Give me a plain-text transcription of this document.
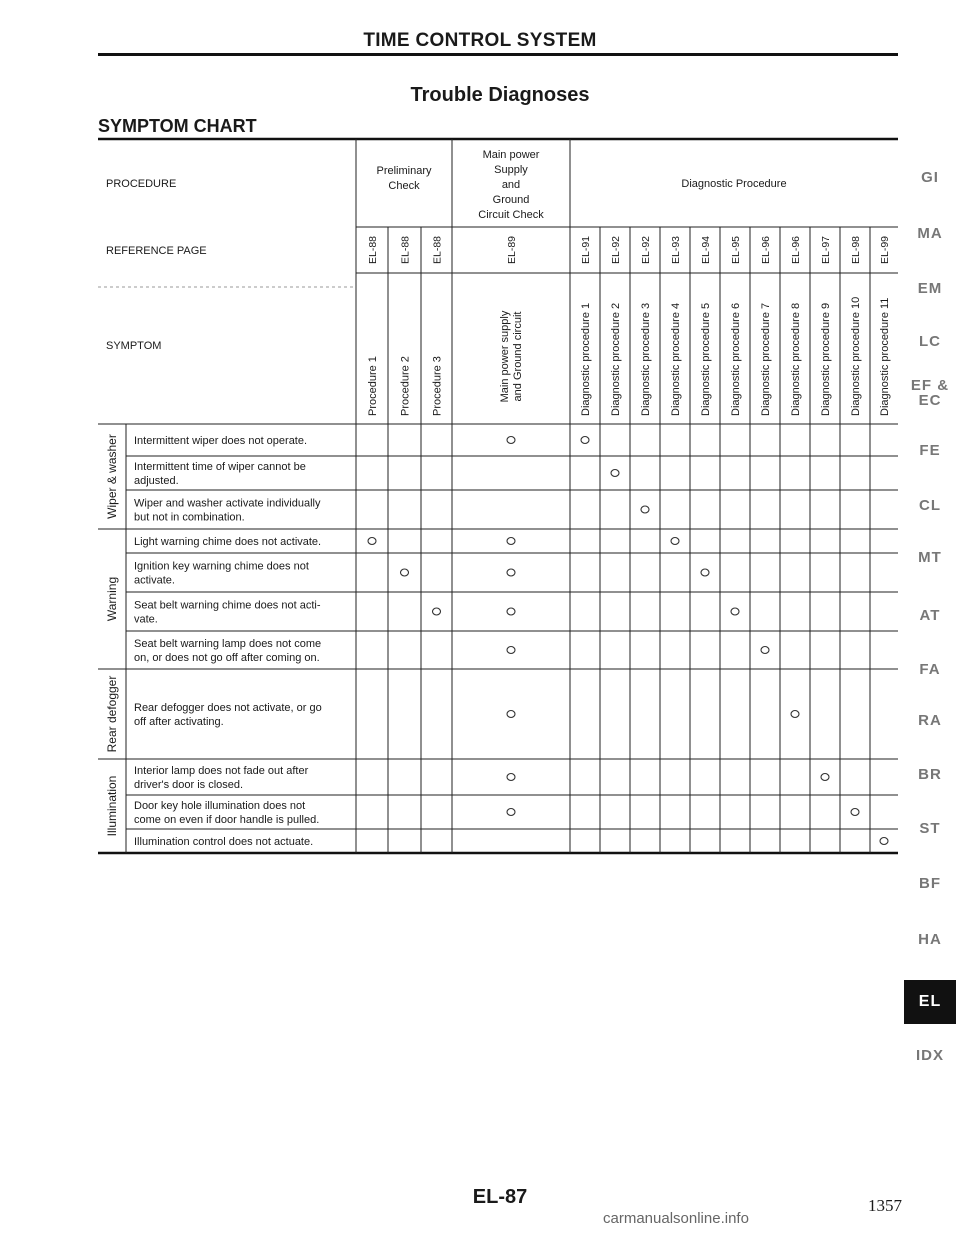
TIME CONTROL SYSTEM
Trouble Diagnoses
SYMPTOM CHART
PROCEDURE
REFERENCE PAGE
SYMPTOM
Preliminary
Check
Main power
Supply
and
Ground
Circuit Check
Diagnostic Procedure
EL-88
Procedure 1
EL-88
Procedure 2
EL-88
Procedure 3
EL-89
Main power supply and Ground circuit
EL-91
Diagnostic procedure 1
EL-92
Diagnostic procedure 2
EL-92
Diagnostic procedure 3
EL-93
Diagnostic procedure 4
EL-94
Diagnostic procedure 5
EL-95
Diagnostic procedure 6
EL-96
Diagnostic procedure 7
EL-96
Diagnostic procedure 8
EL-97
Diagnostic procedure 9
EL-98
Diagnostic procedure 10
EL-99
Diagnostic procedure 11
Intermittent wiper does not operate.
Intermittent time of wiper cannot be
adjusted.
Wiper and washer activate individually
but not in combination.
Wiper & washer
Light warning chime does not activate.
Ignition key warning chime does not
activate.
Seat belt warning chime does not acti-
vate.
Seat belt warning lamp does not come
on, or does not go off after coming on.
Warning
Rear defogger does not activate, or go
off after activating.
Rear defogger
Interior lamp does not fade out after
driver's door is closed.
Door key hole illumination does not
come on even if door handle is pulled.
Illumination control does not actuate.
Illumination
GI
MA
EM
LC
EF &
EC
FE
CL
MT
AT
FA
RA
BR
ST
BF
HA
EL
IDX
EL-87	1357
carmanualsonline.info
